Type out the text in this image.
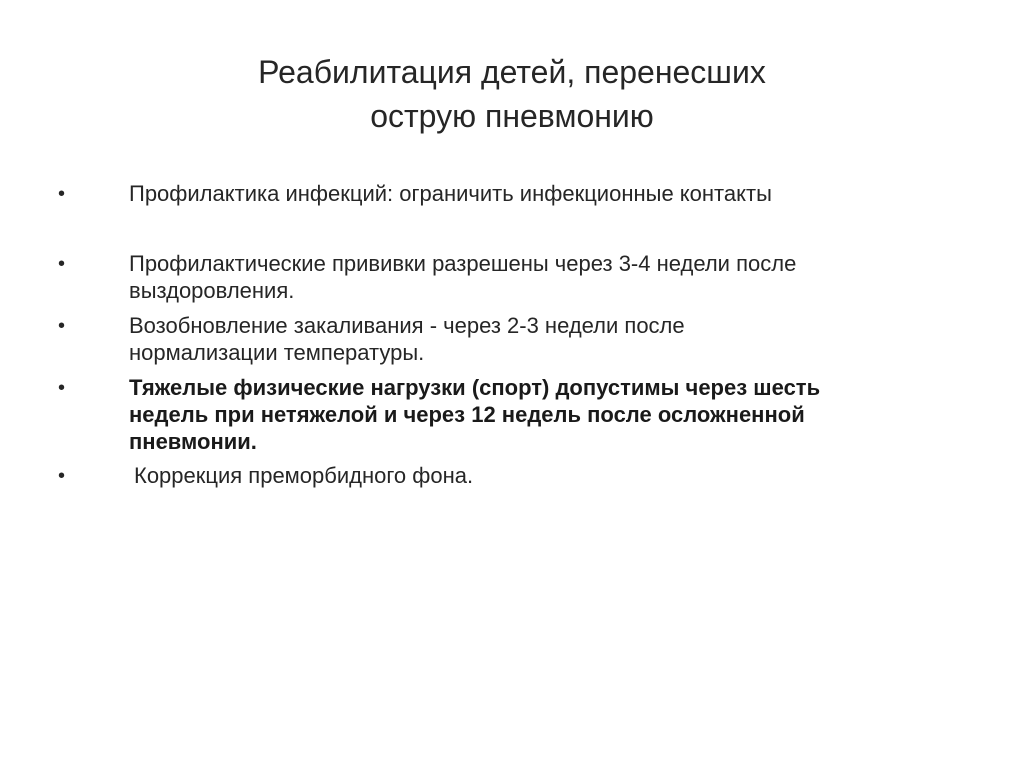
Реабилитация детей, перенесших
острую пневмонию
•	Профилактика инфекций: ограничить инфекционные контакты
•	Профилактические прививки разрешены через 3-4 недели после
выздоровления.
•	Возобновление закаливания - через 2-3 недели после
нормализации температуры.
•	Тяжелые физические нагрузки (спорт) допустимы через шесть
недель при нетяжелой и через 12 недель после осложненной
пневмонии.
•	Коррекция преморбидного фона.
